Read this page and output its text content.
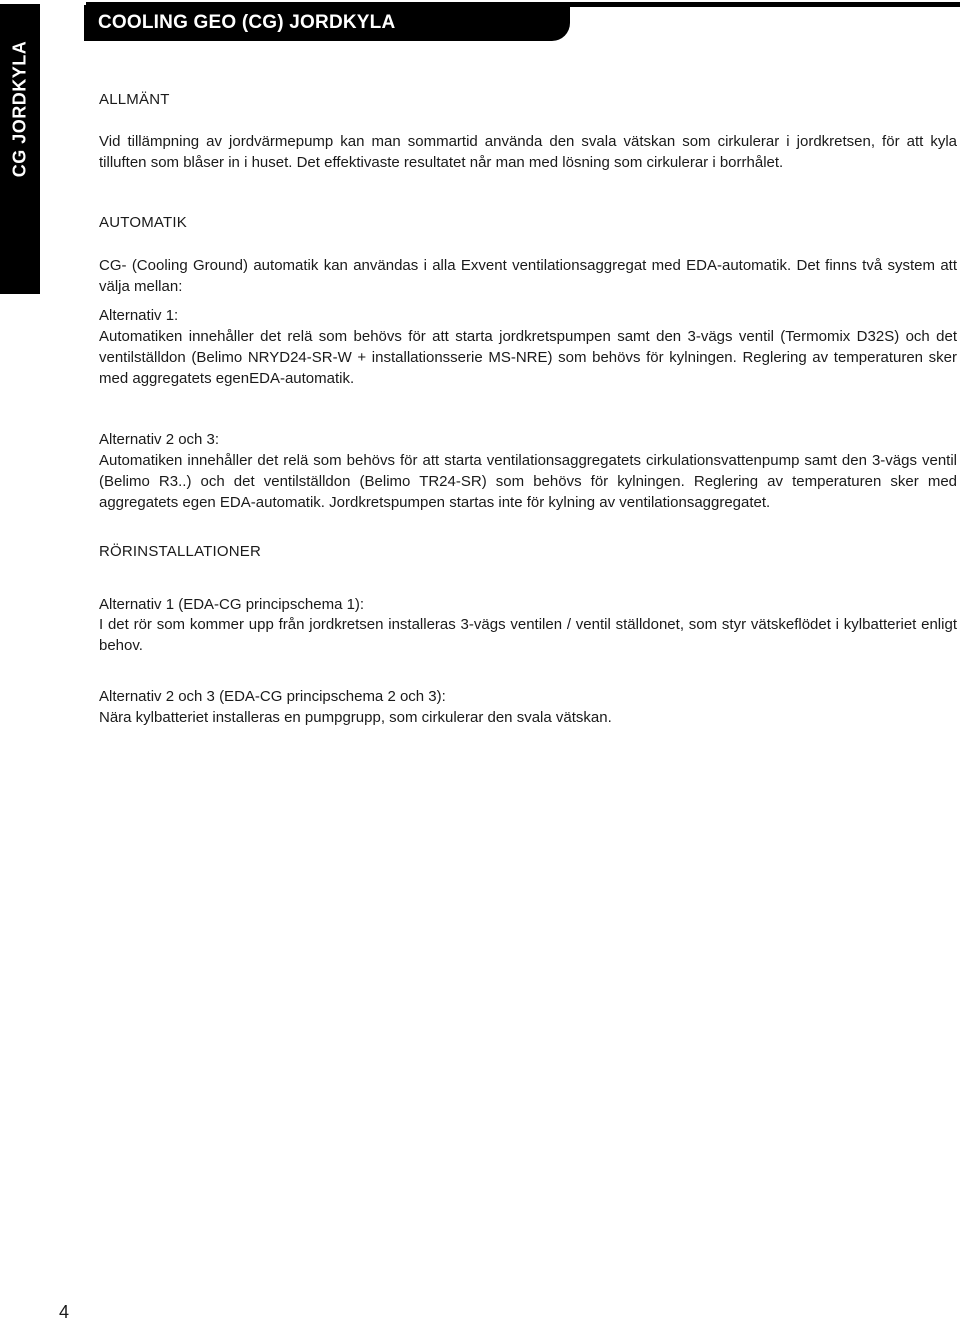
CG JORDKYLA
COOLING GEO (CG) JORDKYLA
ALLMÄNT
Vid tillämpning av jordvärmepump kan man sommartid använda den svala vätskan som cirkulerar i jordkretsen, för att kyla tilluften som blåser in i huset. Det effektivaste resultatet når man med lösning som cirkulerar i borrhålet.
AUTOMATIK
CG- (Cooling Ground) automatik kan användas i alla Exvent ventilationsaggregat med EDA-automatik. Det finns två system att välja mellan:
Alternativ 1:
Automatiken innehåller det relä som behövs för att starta jordkretspumpen samt den 3-vägs ventil (Termomix D32S) och det ventilställdon (Belimo NRYD24-SR-W + installationsserie MS-NRE) som behövs för kylningen. Reglering av temperaturen sker med aggregatets egenEDA-automatik.
Alternativ 2 och 3:
Automatiken innehåller det relä som behövs för att starta ventilationsaggregatets cirkulationsvattenpump samt den 3-vägs ventil (Belimo R3..) och det ventilställdon (Belimo TR24-SR) som behövs för kylningen. Reglering av temperaturen sker med aggregatets egen EDA-automatik. Jordkretspumpen startas inte för kylning av ventilationsaggregatet.
RÖRINSTALLATIONER
Alternativ 1 (EDA-CG principschema 1):
I det rör som kommer upp från jordkretsen installeras 3-vägs ventilen / ventil ställdonet, som styr vätskeflödet i kylbatteriet enligt behov.
Alternativ 2 och 3 (EDA-CG principschema 2 och 3):
Nära kylbatteriet installeras en pumpgrupp, som cirkulerar den svala vätskan.
4
